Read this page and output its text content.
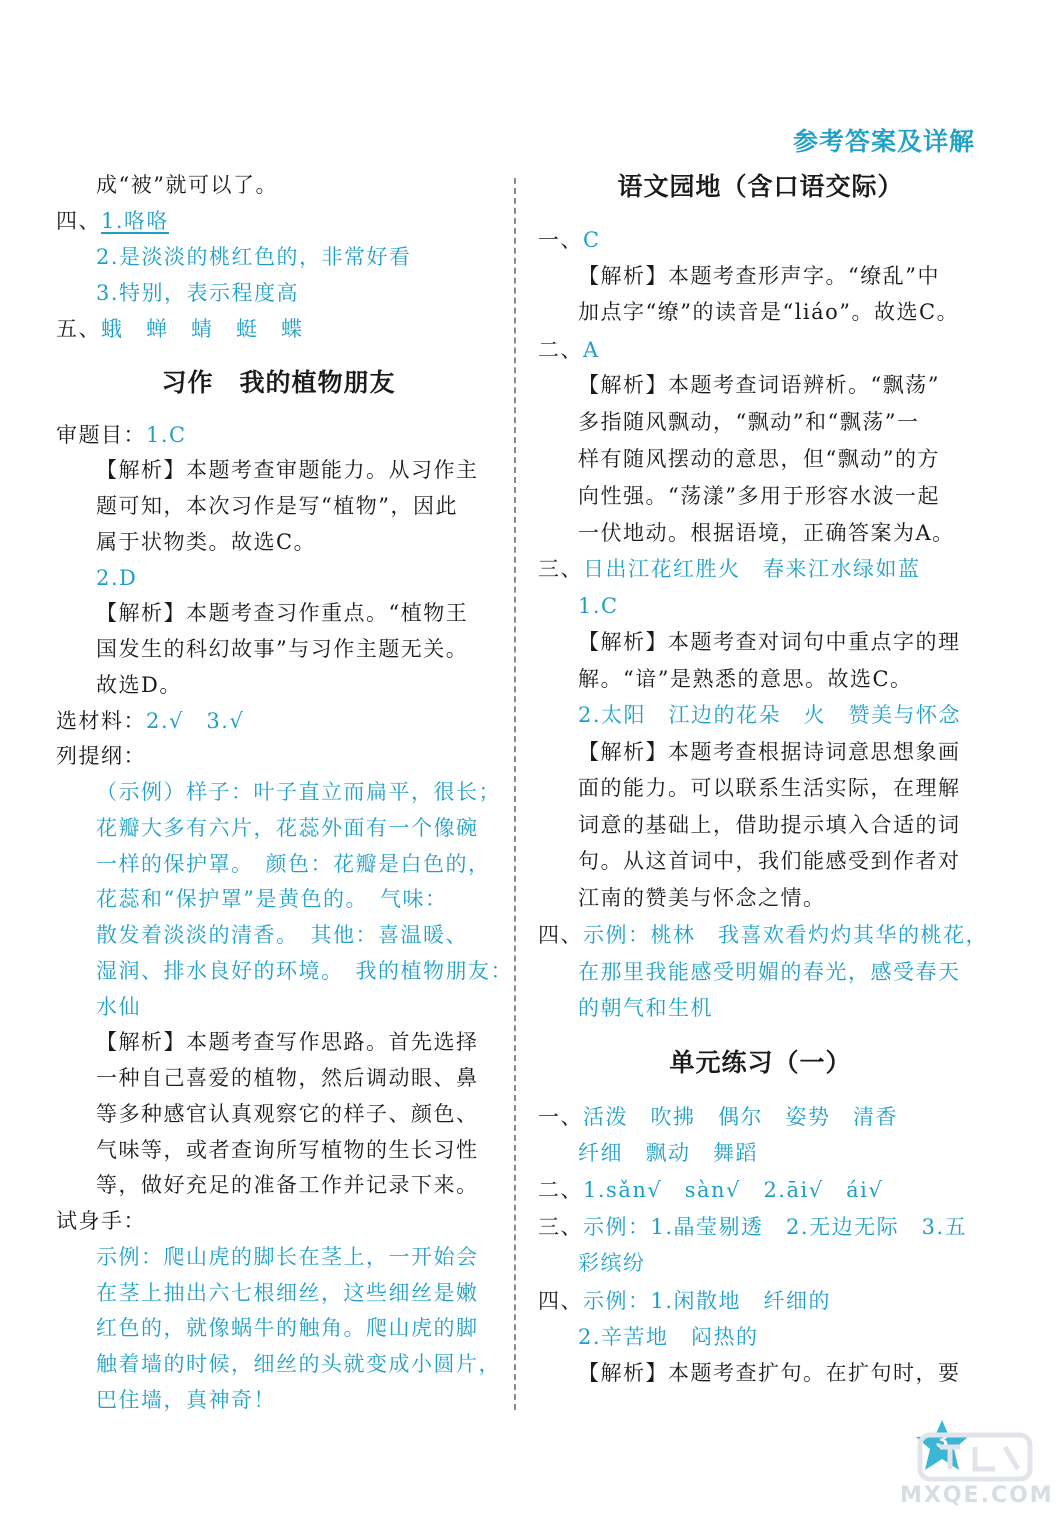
参考答案及详解
成“被”就可以了。
四、1.咯咯
2.是淡淡的桃红色的，非常好看
3.特别，表示程度高
五、蛾　蝉　蜻　蜓　蝶
习作　我的植物朋友
审题目：1.C
【解析】本题考查审题能力。从习作主
题可知，本次习作是写“植物”，因此
属于状物类。故选C。
2.D
【解析】本题考查习作重点。“植物王
国发生的科幻故事”与习作主题无关。
故选D。
选材料：2.√　3.√
列提纲：
（示例）样子：叶子直立而扁平，很长；
花瓣大多有六片，花蕊外面有一个像碗
一样的保护罩。　颜色：花瓣是白色的，
花蕊和“保护罩”是黄色的。　气味：
散发着淡淡的清香。　其他：喜温暖、
湿润、排水良好的环境。　我的植物朋友：
水仙
【解析】本题考查写作思路。首先选择
一种自己喜爱的植物，然后调动眼、鼻
等多种感官认真观察它的样子、颜色、
气味等，或者查询所写植物的生长习性
等，做好充足的准备工作并记录下来。
试身手：
示例：爬山虎的脚长在茎上，一开始会
在茎上抽出六七根细丝，这些细丝是嫩
红色的，就像蜗牛的触角。爬山虎的脚
触着墙的时候，细丝的头就变成小圆片，
巴住墙，真神奇！
语文园地（含口语交际）
一、C
【解析】本题考查形声字。“缭乱”中
加点字“缭”的读音是“liáo”。故选C。
二、A
【解析】本题考查词语辨析。“飘荡”
多指随风飘动，“飘动”和“飘荡”一
样有随风摆动的意思，但“飘动”的方
向性强。“荡漾”多用于形容水波一起
一伏地动。根据语境，正确答案为A。
三、日出江花红胜火　春来江水绿如蓝
1.C
【解析】本题考查对词句中重点字的理
解。“谙”是熟悉的意思。故选C。
2.太阳　江边的花朵　火　赞美与怀念
【解析】本题考查根据诗词意思想象画
面的能力。可以联系生活实际，在理解
词意的基础上，借助提示填入合适的词
句。从这首词中，我们能感受到作者对
江南的赞美与怀念之情。
四、示例：桃林　我喜欢看灼灼其华的桃花，
在那里我能感受明媚的春光，感受春天
的朝气和生机
单元练习（一）
一、活泼　吹拂　偶尔　姿势　清香
纤细　飘动　舞蹈
二、1.sǎn√　sàn√　2.āi√　ái√
三、示例：1.晶莹剔透　2.无边无际　3.五
彩缤纷
四、示例：1.闲散地　纤细的
2.辛苦地　闷热的
【解析】本题考查扩句。在扩句时，要
3
MXQE.COM
